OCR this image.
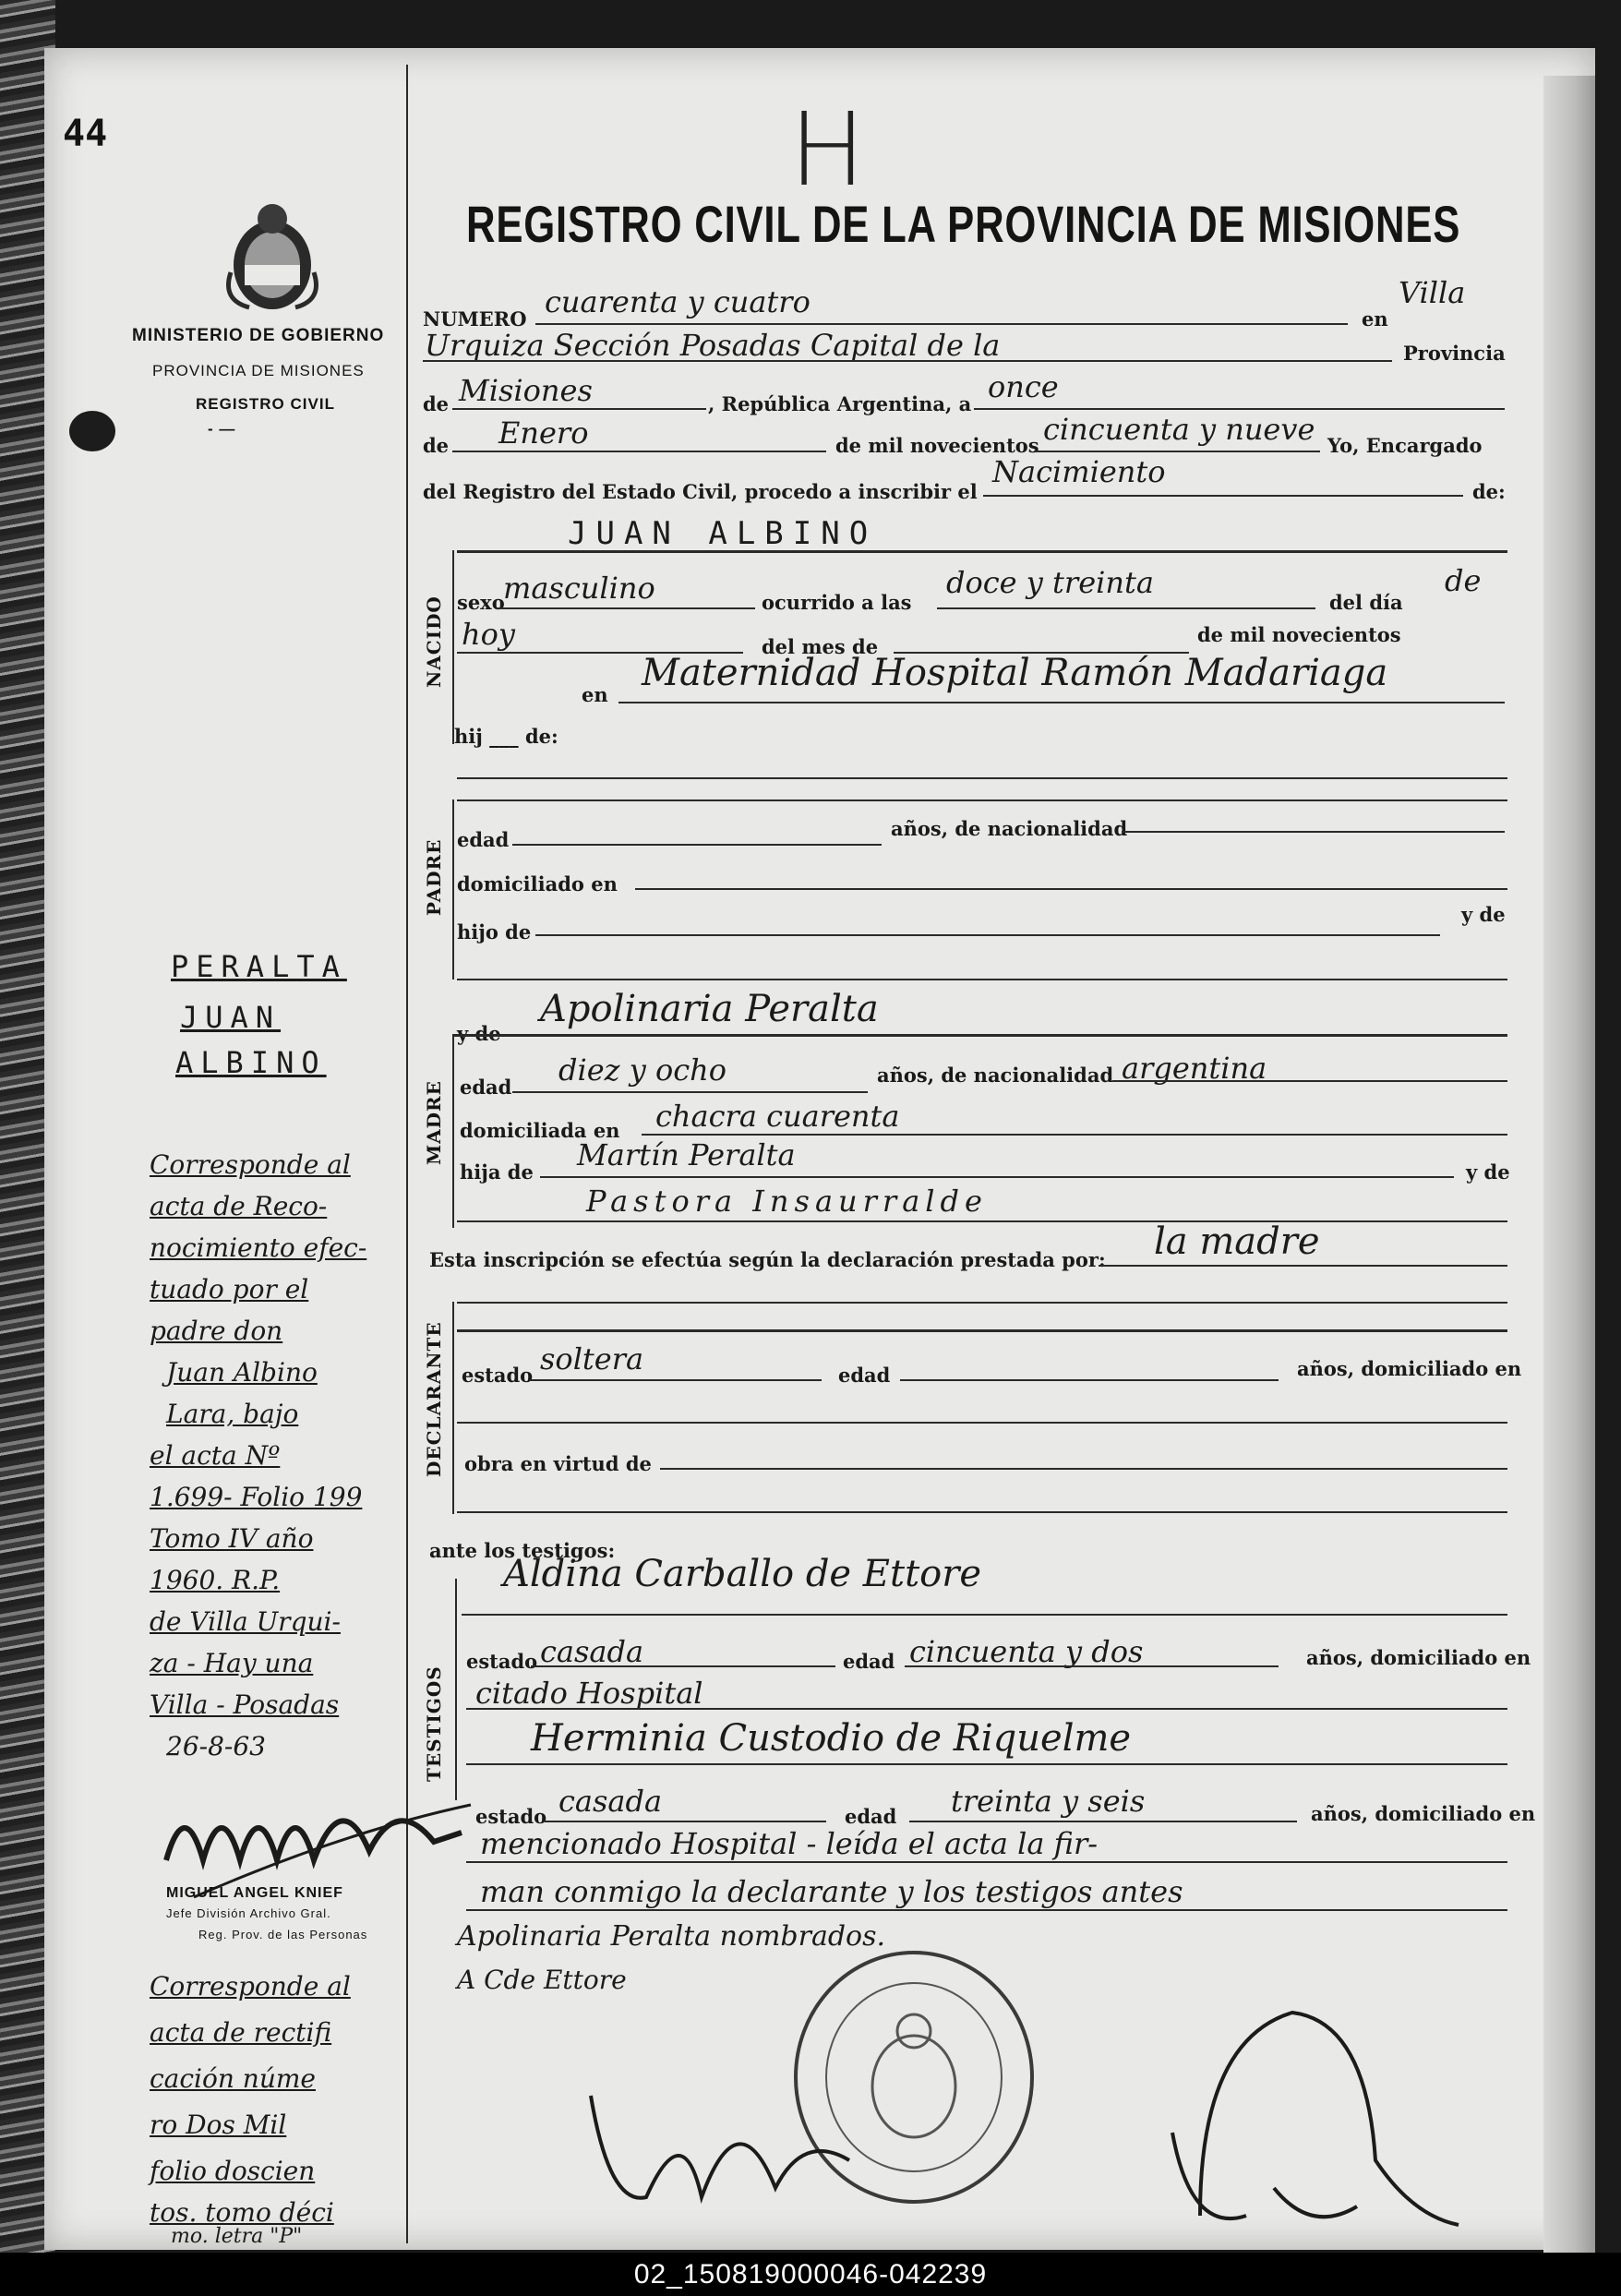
44	H
MINISTERIO DE GOBIERNO
PROVINCIA DE MISIONES
REGISTRO CIVIL
- —
REGISTRO CIVIL DE LA PROVINCIA DE MISIONES
NUMERO cuarenta y cuatro	en
Villa
Urquiza Sección Posadas Capital de la	Provincia
de Misiones	, República Argentina, a once
de Enero	de mil novecientos cincuenta y nueve Yo, Encargado
del Registro del Estado Civil, procedo a inscribir el
Nacimiento
de:
NACIDO
JUAN ALBINO
sexo
masculino	ocurrido a las
doce y treinta
del día
de
hoy	del mes de
de mil novecientos
en
Maternidad Hospital Ramón Madariaga
hij ___ de:
PADRE edad	años, de nacionalidad
domiciliado en
hijo de
y de
y de
Apolinaria Peralta
MADRE edad diez y ocho	años, de nacionalidad argentina
domiciliada en chacra cuarenta
hija de Martín Peralta	y de
Pastora Insaurralde
Esta inscripción se efectúa según la declaración prestada por: la madre
DECLARANTE estado soltera	edad	años, domiciliado en
obra en virtud de
ante los testigos:
TESTIGOS
Aldina Carballo de Ettore
estado casada	edad cincuenta y dos	años, domiciliado en
citado Hospital
Herminia Custodio de Riquelme
estado casada	edad treinta y seis	años, domiciliado en
mencionado Hospital - leída el acta la fir-
man conmigo la declarante y los testigos antes
Apolinaria Peralta nombrados.
A Cde Ettore
PERALTA
JUAN
ALBINO
Corresponde al
acta de Reco-
nocimiento efec-
tuado por el
padre don
Juan Albino
Lara, bajo
el acta Nº
1.699- Folio 199
Tomo IV año
1960. R.P.
de Villa Urqui-
za - Hay una
Villa - Posadas
26-8-63
MIGUEL ANGEL KNIEF
Jefe División Archivo Gral.
Reg. Prov. de las Personas
Corresponde al
acta de rectifi
cación núme
ro Dos Mil
folio doscien
tos. tomo déci
mo. letra "P"
02_150819000046-042239
